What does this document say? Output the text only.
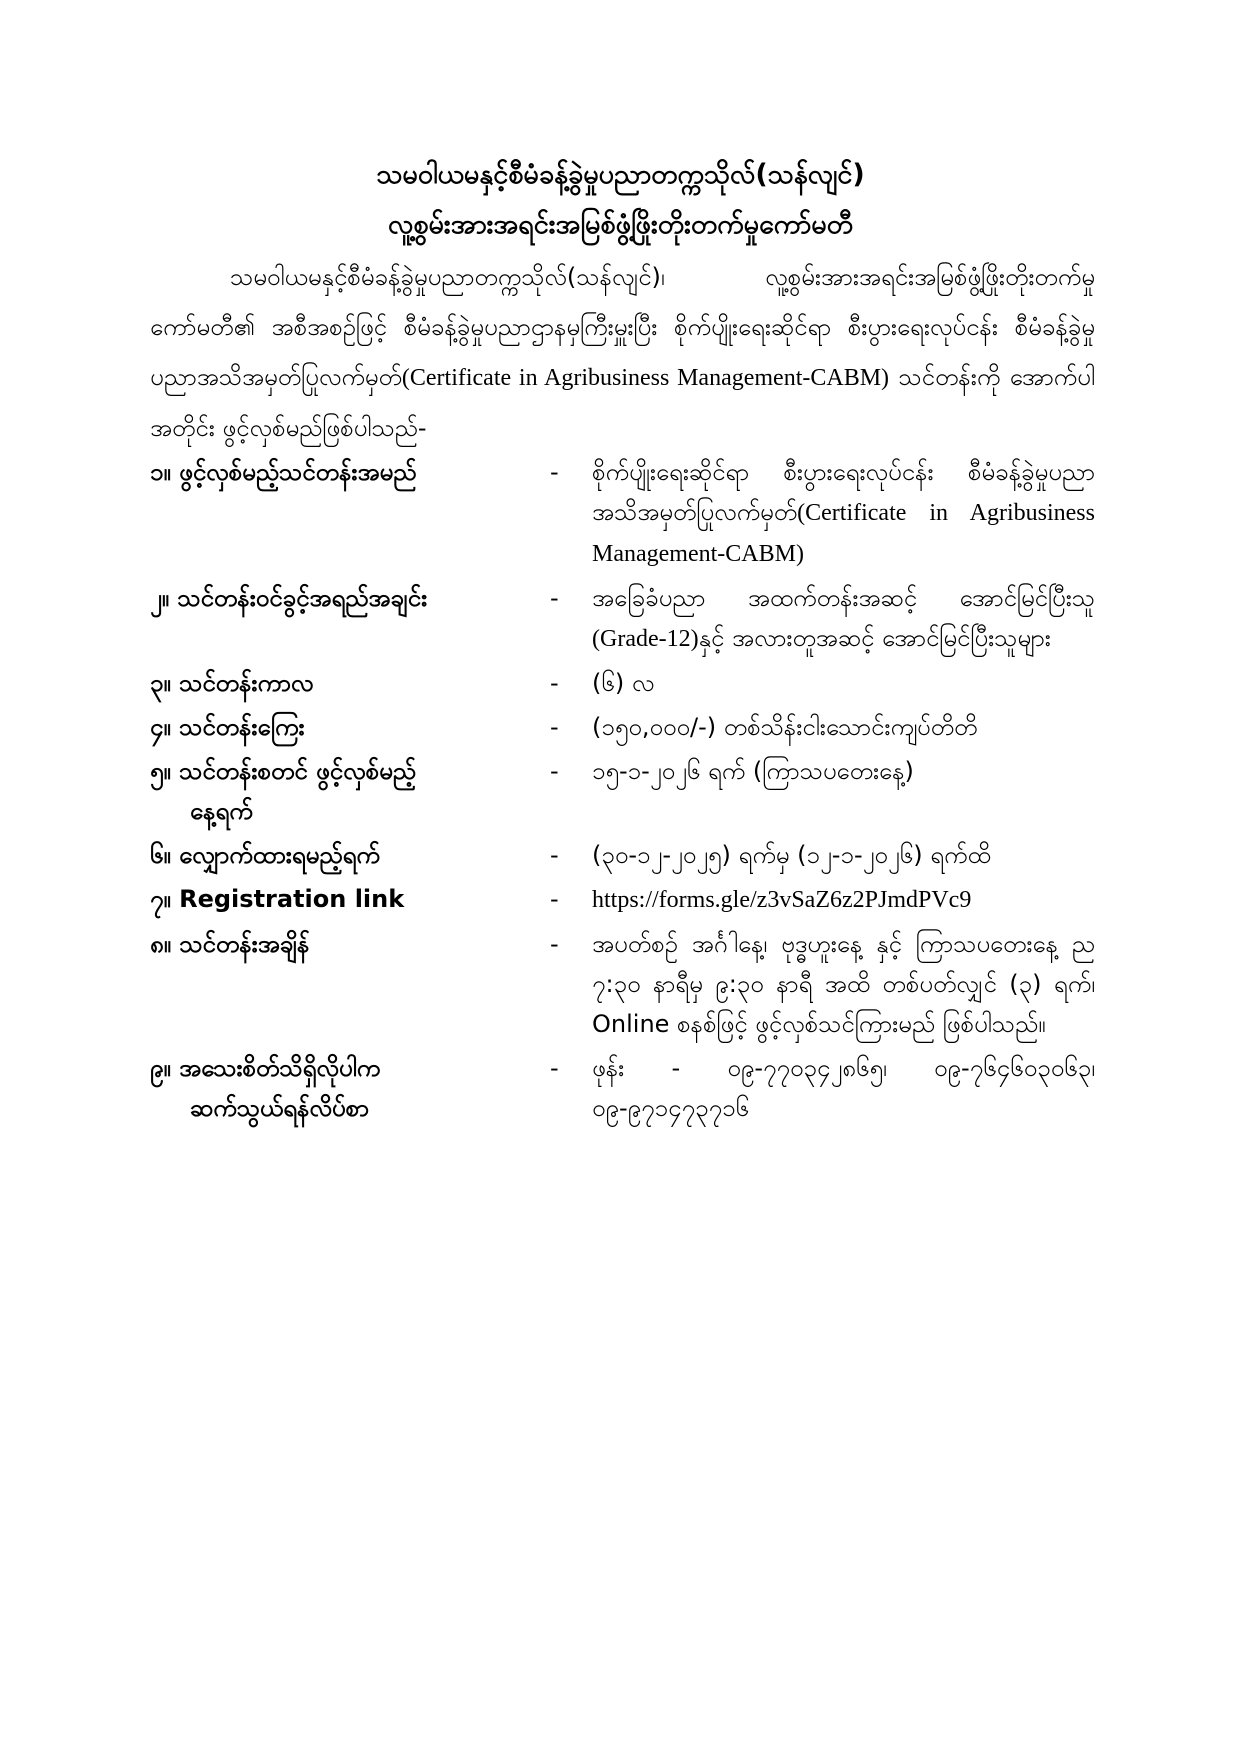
သမဝါယမနှင့်စီမံခန့်ခွဲမှုပညာတက္ကသိုလ်(သန်လျင်)
လူ့စွမ်းအားအရင်းအမြစ်ဖွံ့ဖြိုးတိုးတက်မှုကော်မတီ
သမဝါယမနှင့်စီမံခန့်ခွဲမှုပညာတက္ကသိုလ်(သန်လျင်)၊ လူ့စွမ်းအားအရင်းအမြစ်ဖွံ့ဖြိုးတိုးတက်မှု ကော်မတီ၏ အစီအစဉ်ဖြင့် စီမံခန့်ခွဲမှုပညာဌာနမှကြီးမှူးပြီး စိုက်ပျိုးရေးဆိုင်ရာ စီးပွားရေးလုပ်ငန်း စီမံခန့်ခွဲမှုပညာအသိအမှတ်ပြုလက်မှတ်(Certificate in Agribusiness Management-CABM) သင်တန်းကို အောက်ပါအတိုင်း ဖွင့်လှစ်မည်ဖြစ်ပါသည်-
၁။ ဖွင့်လှစ်မည့်သင်တန်းအမည်	-	စိုက်ပျိုးရေးဆိုင်ရာ စီးပွားရေးလုပ်ငန်း စီမံခန့်ခွဲမှုပညာအသိအမှတ်ပြုလက်မှတ်(Certificate in Agribusiness Management-CABM)
၂။ သင်တန်းဝင်ခွင့်အရည်အချင်း	-	အခြေခံပညာ အထက်တန်းအဆင့် အောင်မြင်ပြီးသူ (Grade-12)နှင့် အလားတူအဆင့် အောင်မြင်ပြီးသူများ
၃။ သင်တန်းကာလ	-	(၆) လ
၄။ သင်တန်းကြေး	-	(၁၅၀,၀၀၀/-) တစ်သိန်းငါးသောင်းကျပ်တိတိ
၅။ သင်တန်းစတင် ဖွင့်လှစ်မည့်
နေ့ရက်
-	၁၅-၁-၂၀၂၆ ရက် (ကြာသပတေးနေ့)
၆။ လျှောက်ထားရမည့်ရက်	-	(၃၀-၁၂-၂၀၂၅) ရက်မှ (၁၂-၁-၂၀၂၆) ရက်ထိ
၇။ Registration link	-	https://forms.gle/z3vSaZ6z2PJmdPVc9
၈။ သင်တန်းအချိန်	-	အပတ်စဉ် အင်္ဂါနေ့၊ ဗုဒ္ဓဟူးနေ့ နှင့် ကြာသပတေးနေ့ ည ၇:၃၀ နာရီမှ ၉:၃၀ နာရီ အထိ တစ်ပတ်လျှင် (၃) ရက်၊ Online စနစ်ဖြင့် ဖွင့်လှစ်သင်ကြားမည် ဖြစ်ပါသည်။
၉။ အသေးစိတ်သိရှိလိုပါက
ဆက်သွယ်ရန်လိပ်စာ
-	ဖုန်း - ၀၉-၇၇၀၃၄၂၈၆၅၊ ၀၉-၇၆၄၆၀၃၀၆၃၊ ၀၉-၉၇၁၄၇၃၇၁၆
